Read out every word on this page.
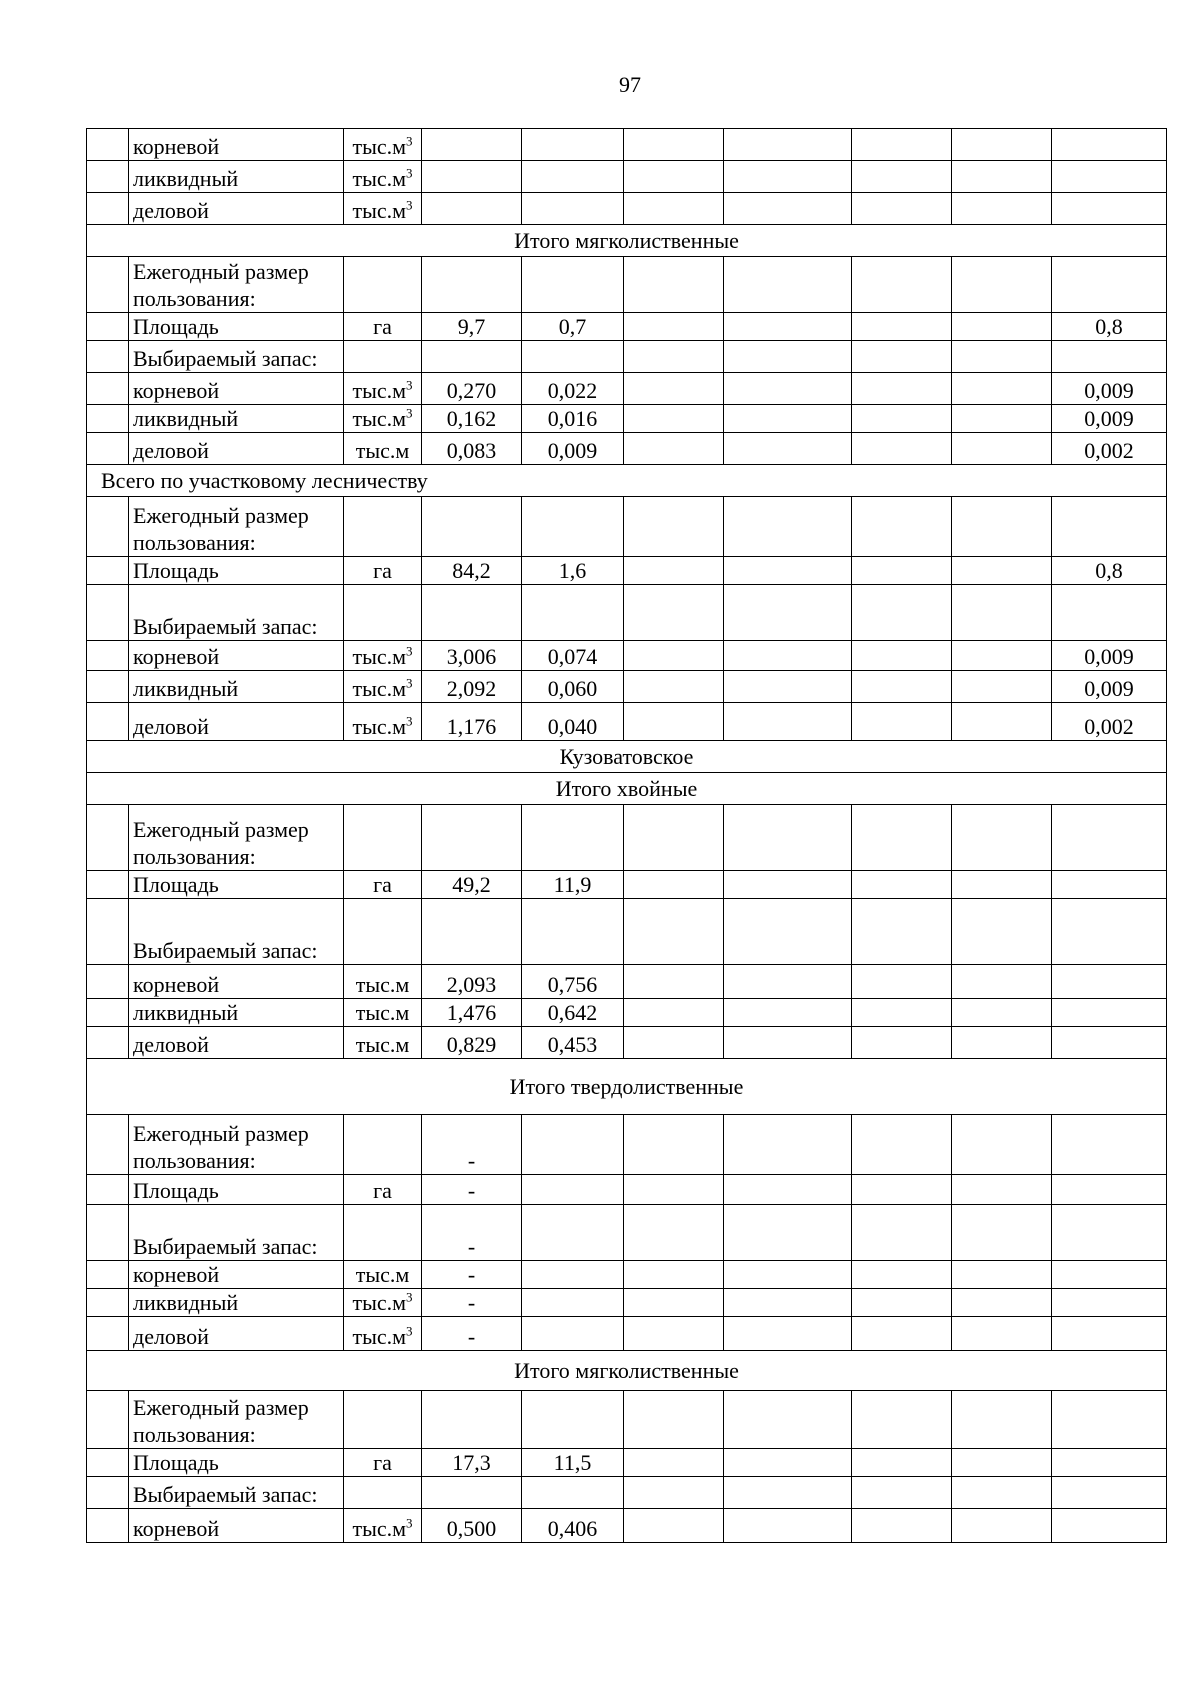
97
	корневой	$тыс.м^3$								
	ликвидный	$тыс.м^3$								
	деловой	$тыс.м^3$								
Итого мягколиственные										
	Ежегодный размер пользования:									
	Площадь	га	9,7	0,7					0,8	
	Выбираемый запас:									
	корневой	$тыс.м^3$	0,270	0,022					0,009	
	ликвидный	$тыс.м^3$	0,162	0,016					0,009	
	деловой	тыс.м	0,083	0,009					0,002	
Всего по участковому лесничеству										
	Ежегодный размер пользования:									
	Площадь	га	84,2	1,6					0,8	
	Выбираемый запас:									
	корневой	$тыс.м^3$	3,006	0,074					0,009	
	ликвидный	$тыс.м^3$	2,092	0,060					0,009	
	деловой	$тыс.м^3$	1,176	0,040					0,002	
Кузоватовское										
Итого хвойные										
	Ежегодный размер пользования:									
	Площадь	га	49,2	11,9						
	Выбираемый запас:									
	корневой	тыс.м	2,093	0,756						
	ликвидный	тыс.м	1,476	0,642						
	деловой	тыс.м	0,829	0,453						
Итого твердолиственные										
	Ежегодный размер пользования:		-							
	Площадь	га	-							
	Выбираемый запас:		-							
	корневой	тыс.м	-							
	ликвидный	$тыс.м^3$	-							
	деловой	$тыс.м^3$	-							
Итого мягколиственные										
	Ежегодный размер пользования:									
	Площадь	га	17,3	11,5						
	Выбираемый запас:									
	корневой	$тыс.м^3$	0,500	0,406						
